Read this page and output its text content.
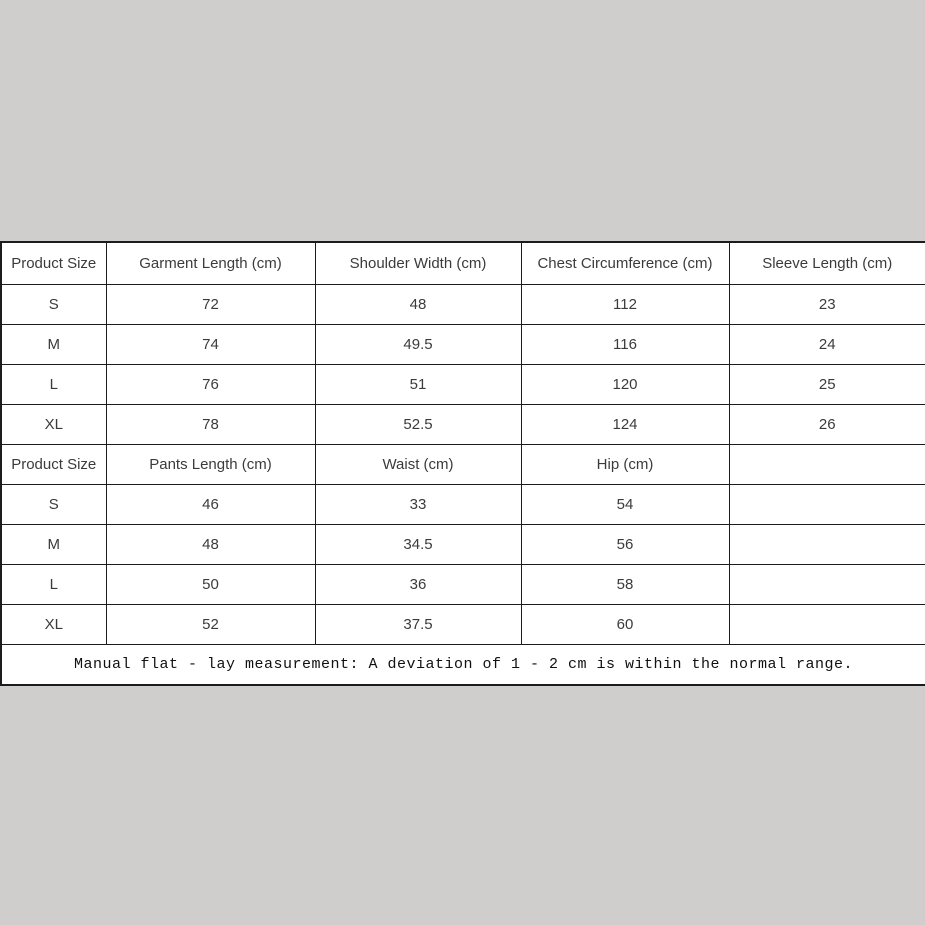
Product Size	Garment Length (cm)	Shoulder Width (cm)	Chest Circumference (cm)	Sleeve Length (cm)
S	72	48	112	23
M	74	49.5	116	24
L	76	51	120	25
XL	78	52.5	124	26
Product Size	Pants Length (cm)	Waist (cm)	Hip (cm)	
S	46	33	54	
M	48	34.5	56	
L	50	36	58	
XL	52	37.5	60	
Manual flat - lay measurement: A deviation of 1 - 2 cm is within the normal range.				
